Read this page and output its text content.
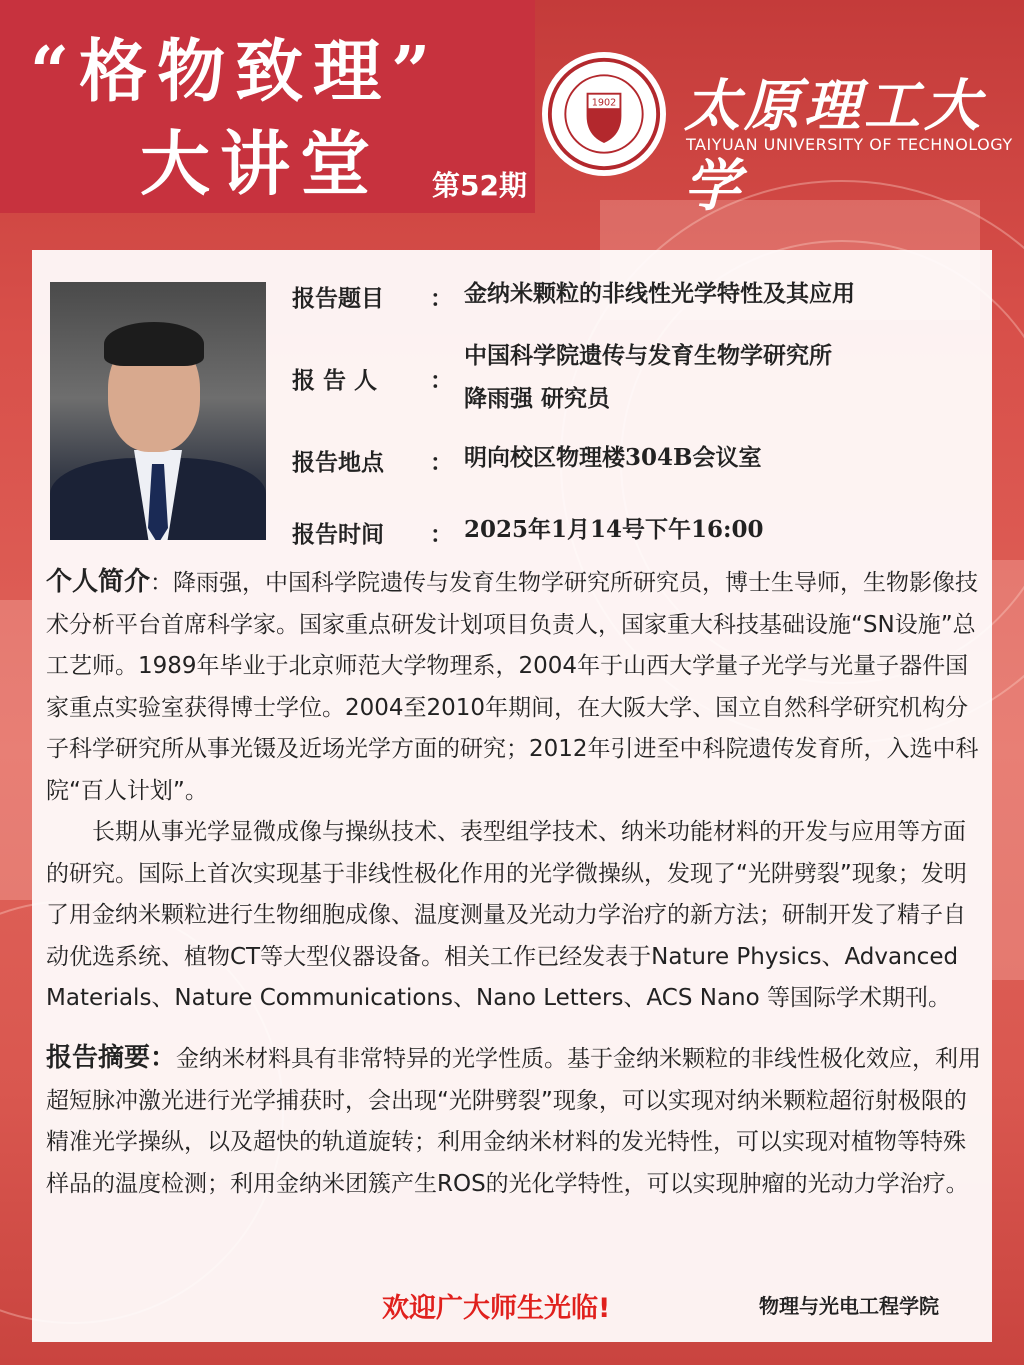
“格物致理”
大讲堂 第52期
1902 太原理工大学
TAIYUAN UNIVERSITY OF TECHNOLOGY
报告题目	： 金纳米颗粒的非线性光学特性及其应用
报告人	：
中国科学院遗传与发育生物学研究所
降雨强 研究员
报告地点	： 明向校区物理楼304B会议室
报告时间	： 2025年1月14号下午16:00
个人简介：降雨强，中国科学院遗传与发育生物学研究所研究员，博士生导师，生物影像技术分析平台首席科学家。国家重点研发计划项目负责人，国家重大科技基础设施“SN设施”总工艺师。1989年毕业于北京师范大学物理系，2004年于山西大学量子光学与光量子器件国家重点实验室获得博士学位。2004至2010年期间，在大阪大学、国立自然科学研究机构分子科学研究所从事光镊及近场光学方面的研究；2012年引进至中科院遗传发育所，入选中科院“百人计划”。
长期从事光学显微成像与操纵技术、表型组学技术、纳米功能材料的开发与应用等方面的研究。国际上首次实现基于非线性极化作用的光学微操纵，发现了“光阱劈裂”现象；发明了用金纳米颗粒进行生物细胞成像、温度测量及光动力学治疗的新方法；研制开发了精子自动优选系统、植物CT等大型仪器设备。相关工作已经发表于Nature Physics、Advanced Materials、Nature Communications、Nano Letters、ACS Nano 等国际学术期刊。
报告摘要：金纳米材料具有非常特异的光学性质。基于金纳米颗粒的非线性极化效应，利用超短脉冲激光进行光学捕获时，会出现“光阱劈裂”现象，可以实现对纳米颗粒超衍射极限的精准光学操纵，以及超快的轨道旋转；利用金纳米材料的发光特性，可以实现对植物等特殊样品的温度检测；利用金纳米团簇产生ROS的光化学特性，可以实现肿瘤的光动力学治疗。
欢迎广大师生光临!	物理与光电工程学院
